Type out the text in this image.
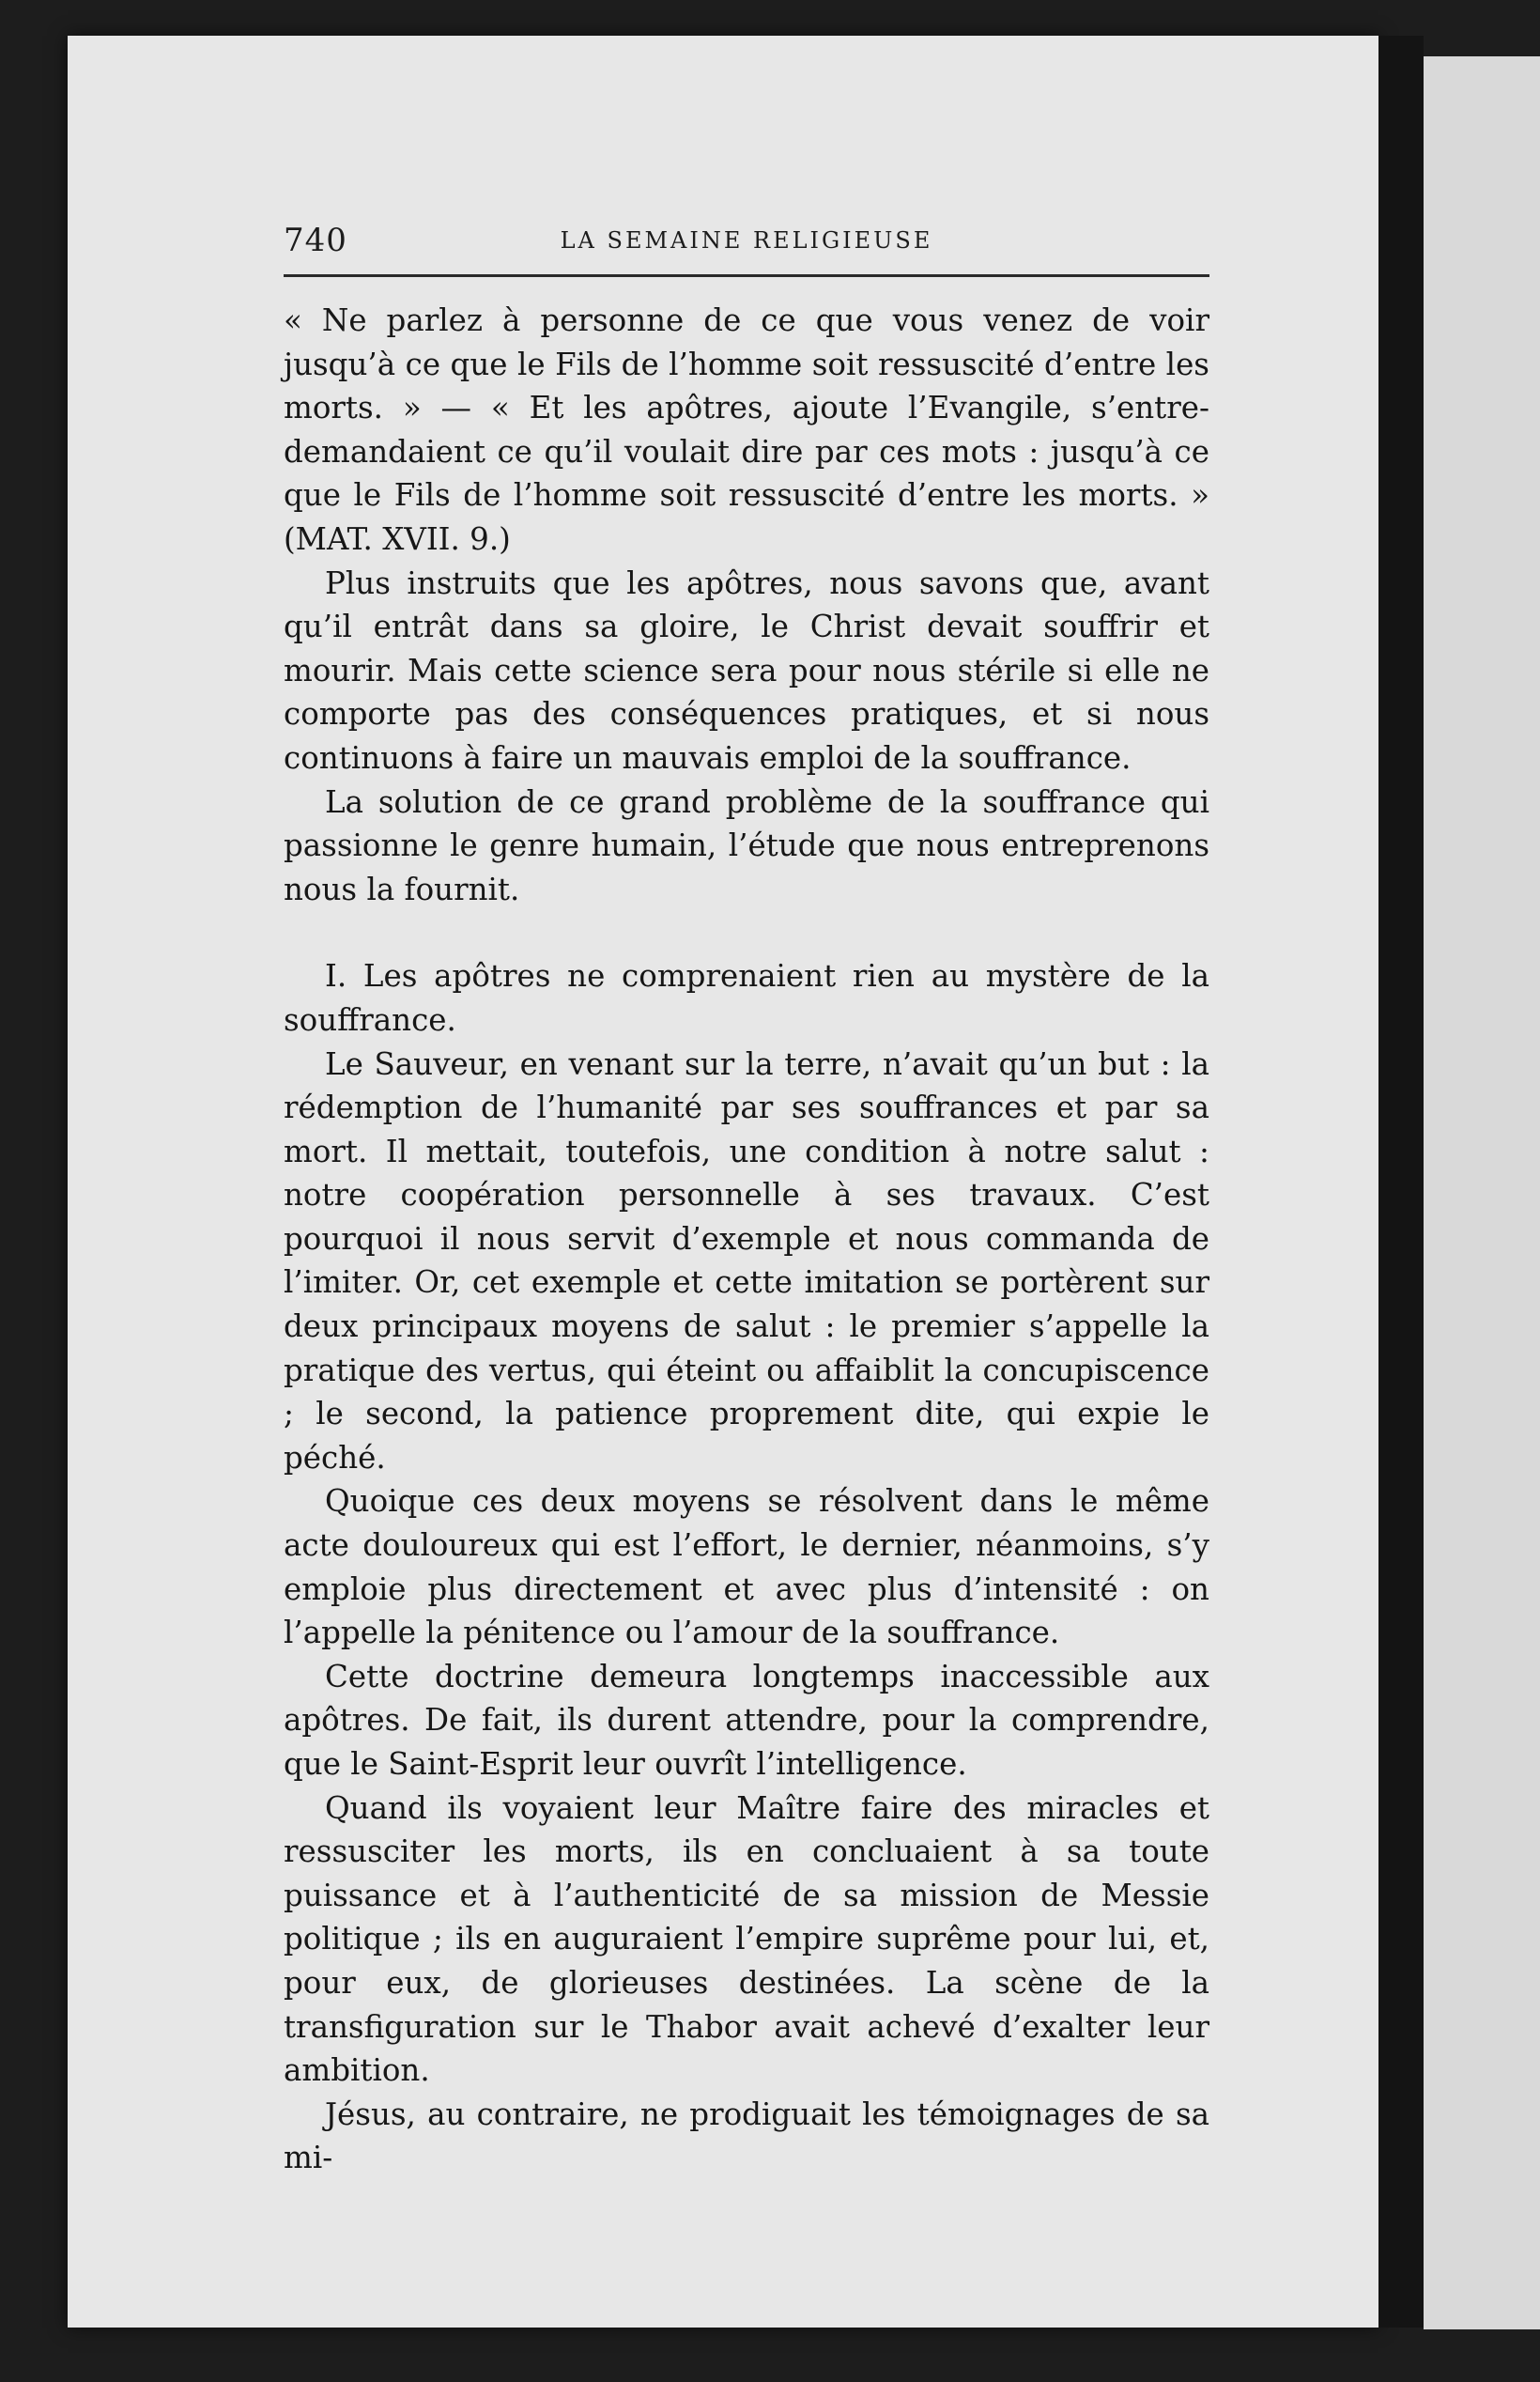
740	LA SEMAINE RELIGIEUSE

« Ne parlez à personne de ce que vous venez de voir jusqu’à ce que le Fils de l’homme soit ressuscité d’entre les morts. » — « Et les apôtres, ajoute l’Evangile, s’entre-demandaient ce qu’il voulait dire par ces mots : jusqu’à ce que le Fils de l’homme soit ressuscité d’entre les morts. » (MAT. XVII. 9.)

Plus instruits que les apôtres, nous savons que, avant qu’il entrât dans sa gloire, le Christ devait souffrir et mourir. Mais cette science sera pour nous stérile si elle ne comporte pas des conséquences pratiques, et si nous continuons à faire un mauvais emploi de la souffrance.

La solution de ce grand problème de la souffrance qui passionne le genre humain, l’étude que nous entreprenons nous la fournit.

I. Les apôtres ne comprenaient rien au mystère de la souffrance.

Le Sauveur, en venant sur la terre, n’avait qu’un but : la rédemption de l’humanité par ses souffrances et par sa mort. Il mettait, toutefois, une condition à notre salut : notre coopération personnelle à ses travaux. C’est pourquoi il nous servit d’exemple et nous commanda de l’imiter. Or, cet exemple et cette imitation se portèrent sur deux principaux moyens de salut : le premier s’appelle la pratique des vertus, qui éteint ou affaiblit la concupiscence ; le second, la patience proprement dite, qui expie le péché.

Quoique ces deux moyens se résolvent dans le même acte douloureux qui est l’effort, le dernier, néanmoins, s’y emploie plus directement et avec plus d’intensité : on l’appelle la pénitence ou l’amour de la souffrance.

Cette doctrine demeura longtemps inaccessible aux apôtres. De fait, ils durent attendre, pour la comprendre, que le Saint-Esprit leur ouvrît l’intelligence.

Quand ils voyaient leur Maître faire des miracles et ressusciter les morts, ils en concluaient à sa toute puissance et à l’authenticité de sa mission de Messie politique ; ils en auguraient l’empire suprême pour lui, et, pour eux, de glorieuses destinées. La scène de la transfiguration sur le Thabor avait achevé d’exalter leur ambition.

Jésus, au contraire, ne prodiguait les témoignages de sa mi-
